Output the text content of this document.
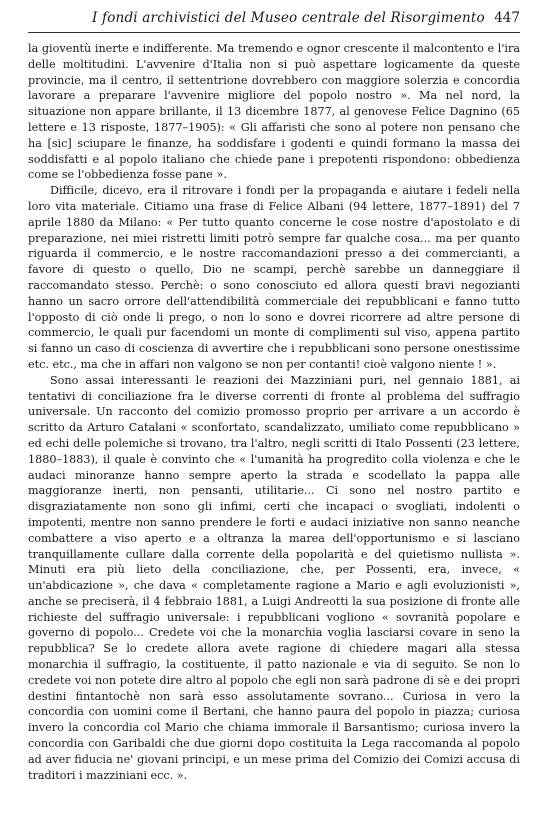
I fondi archivistici del Museo centrale del Risorgimento 447

la gioventù inerte e indifferente. Ma tremendo e ognor crescente il malcontento e l'ira delle moltitudini. L'avvenire d'Italia non si può aspettare logicamente da queste provincie, ma il centro, il settentrione dovrebbero con maggiore solerzia e concordia lavorare a preparare l'avvenire migliore del popolo nostro ». Ma nel nord, la situazione non appare brillante, il 13 dicembre 1877, al genovese Felice Dagnino (65 lettere e 13 risposte, 1877–1905): « Gli affaristi che sono al potere non pensano che ha [sic] sciupare le finanze, ha soddisfare i godenti e quindi formano la massa dei soddisfatti e al popolo italiano che chiede pane i prepotenti rispondono: obbedienza come se l'obbedienza fosse pane ».

Difficile, dicevo, era il ritrovare i fondi per la propaganda e aiutare i fedeli nella loro vita materiale. Citiamo una frase di Felice Albani (94 lettere, 1877–1891) del 7 aprile 1880 da Milano: « Per tutto quanto concerne le cose nostre d'apostolato e di preparazione, nei miei ristretti limiti potrò sempre far qualche cosa... ma per quanto riguarda il commercio, e le nostre raccomandazioni presso a dei commercianti, a favore di questo o quello, Dio ne scampi, perchè sarebbe un danneggiare il raccomandato stesso. Perchè: o sono conosciuto ed allora questi bravi negozianti hanno un sacro orrore dell'attendibilità commerciale dei repubblicani e fanno tutto l'opposto di ciò onde li prego, o non lo sono e dovrei ricorrere ad altre persone di commercio, le quali pur facendomi un monte di complimenti sul viso, appena partito si fanno un caso di coscienza di avvertire che i repubblicani sono persone onestissime etc. etc., ma che in affari non valgono se non per contanti! cioè valgono niente ! ».

Sono assai interessanti le reazioni dei Mazziniani puri, nel gennaio 1881, ai tentativi di conciliazione fra le diverse correnti di fronte al problema del suffragio universale. Un racconto del comizio promosso proprio per arrivare a un accordo è scritto da Arturo Catalani « sconfortato, scandalizzato, umiliato come repubblicano » ed echi delle polemiche si trovano, tra l'altro, negli scritti di Italo Possenti (23 lettere, 1880–1883), il quale è convinto che « l'umanità ha progredito colla violenza e che le audaci minoranze hanno sempre aperto la strada e scodellato la pappa alle maggioranze inerti, non pensanti, utilitarie... Ci sono nel nostro partito e disgraziatamente non sono gli infimi, certi che incapaci o svogliati, indolenti o impotenti, mentre non sanno prendere le forti e audaci iniziative non sanno neanche combattere a viso aperto e a oltranza la marea dell'opportunismo e si lasciano tranquillamente cullare dalla corrente della popolarità e del quietismo nullista ». Minuti era più lieto della conciliazione, che, per Possenti, era, invece, « un'abdicazione », che dava « completamente ragione a Mario e agli evoluzionisti », anche se preciserà, il 4 febbraio 1881, a Luigi Andreotti la sua posizione di fronte alle richieste del suffragio universale: i repubblicani vogliono « sovranità popolare e governo di popolo... Credete voi che la monarchia voglia lasciarsi covare in seno la repubblica? Se lo credete allora avete ragione di chiedere magari alla stessa monarchia il suffragio, la costituente, il patto nazionale e via di seguito. Se non lo credete voi non potete dire altro al popolo che egli non sarà padrone di sè e dei propri destini fintantochè non sarà esso assolutamente sovrano... Curiosa in vero la concordia con uomini come il Bertani, che hanno paura del popolo in piazza; curiosa invero la concordia col Mario che chiama immorale il Barsantismo; curiosa invero la concordia con Garibaldi che due giorni dopo costituita la Lega raccomanda al popolo ad aver fiducia ne' giovani principi, e un mese prima del Comizio dei Comizi accusa di traditori i mazziniani ecc. ».
